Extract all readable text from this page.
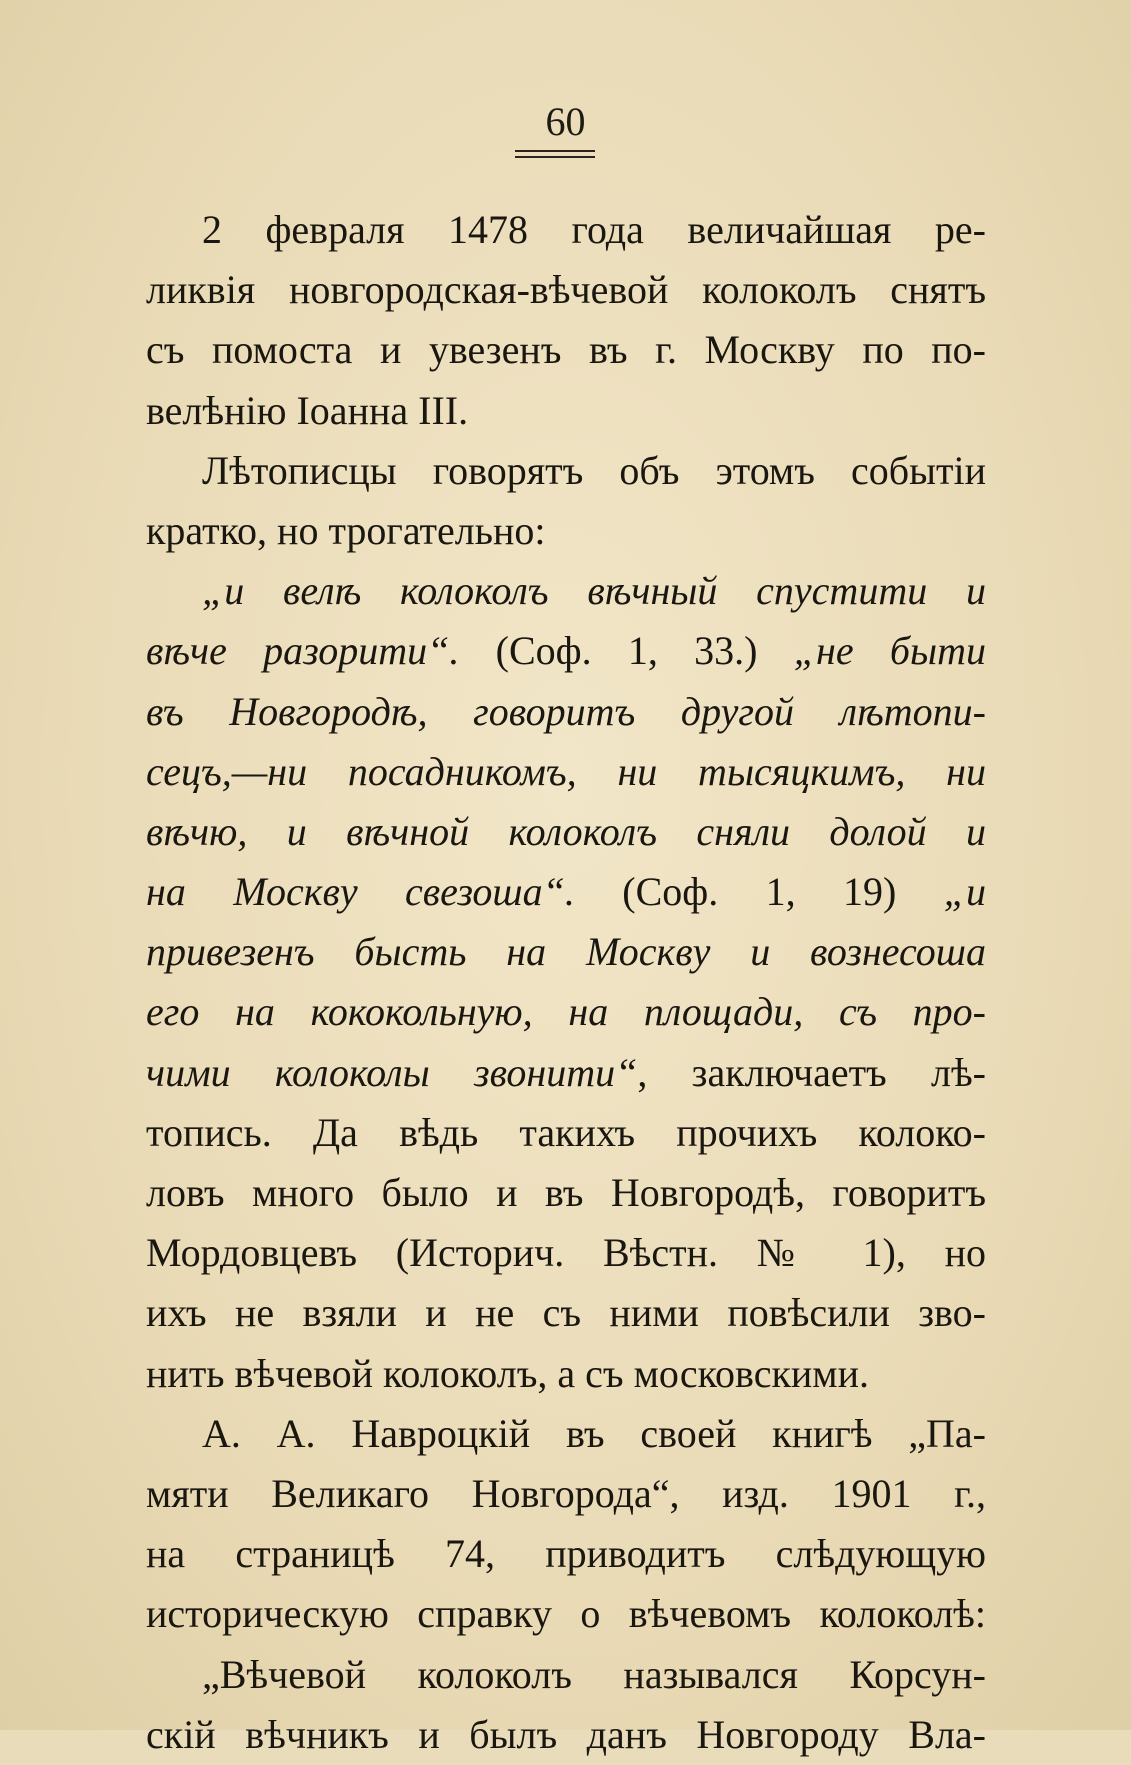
60
2 февраля 1478 года величайшая ре-
ликвія новгородская-вѣчевой колоколъ снятъ
съ помоста и увезенъ въ г. Москву по по-
велѣнію Іоанна III.
Лѣтописцы говорятъ объ этомъ событіи
кратко, но трогательно:
„и велѣ колоколъ вѣчный спустити и
вѣче разорити“. (Соф. 1, 33.) „не быти
въ Новгородѣ, говоритъ другой лѣтопи-
сецъ,—ни посадникомъ, ни тысяцкимъ, ни
вѣчю, и вѣчной колоколъ сняли долой и
на Москву свезоша“. (Соф. 1, 19) „и
привезенъ бысть на Москву и вознесоша
его на кококольную, на площади, съ про-
чими колоколы звонити“, заключаетъ лѣ-
топись. Да вѣдь такихъ прочихъ колоко-
ловъ много было и въ Новгородѣ, говоритъ
Мордовцевъ (Историч. Вѣстн. № 1), но
ихъ не взяли и не съ ними повѣсили зво-
нить вѣчевой колоколъ, а съ московскими.
А. А. Навроцкій въ своей книгѣ „Па-
мяти Великаго Новгорода“, изд. 1901 г.,
на страницѣ 74, приводитъ слѣдующую
историческую справку о вѣчевомъ колоколѣ:
„Вѣчевой колоколъ назывался Корсун-
скій вѣчникъ и былъ данъ Новгороду Вла-
